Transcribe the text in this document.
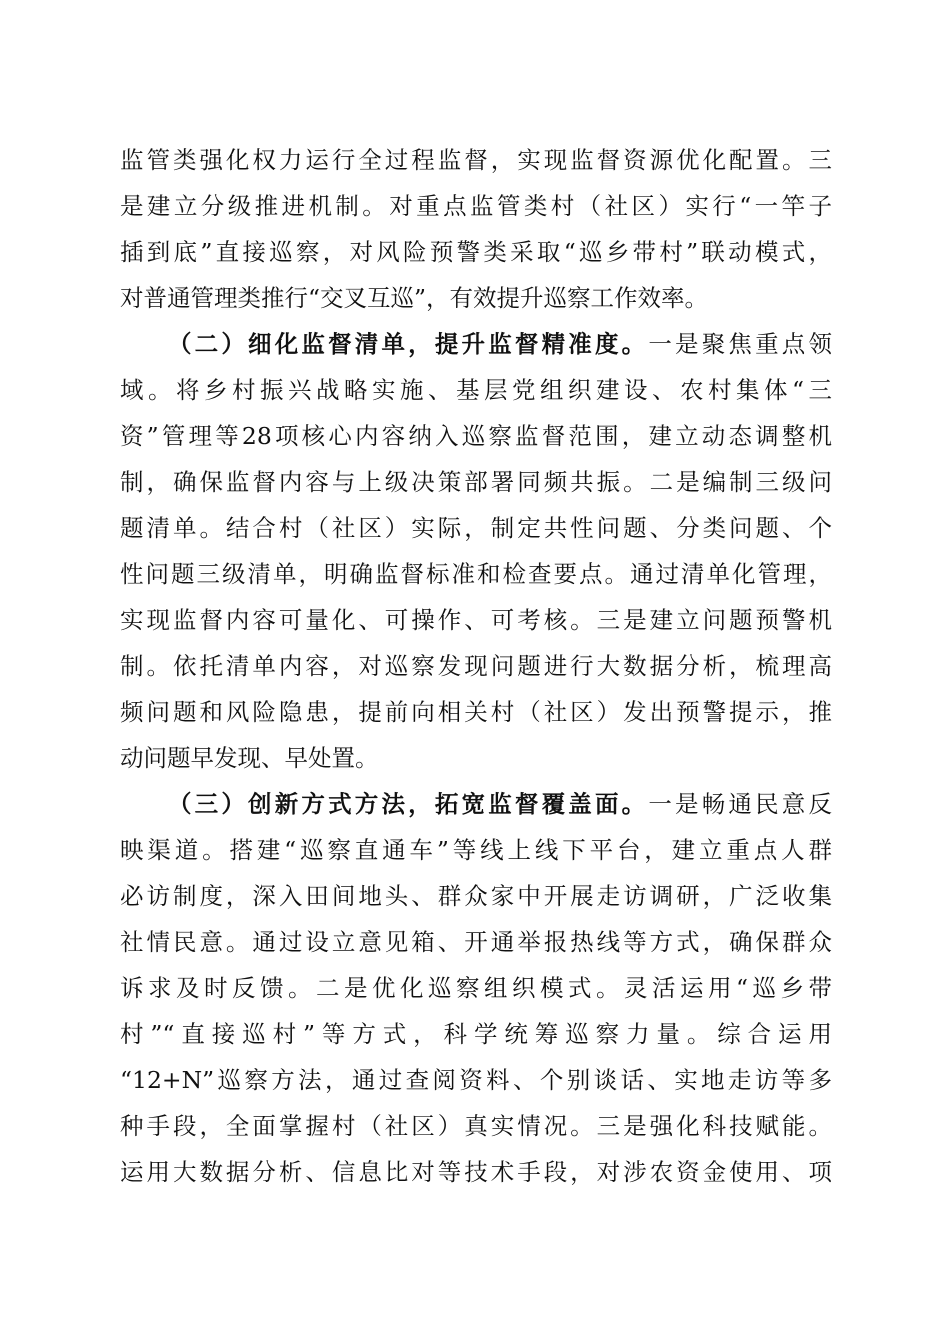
监管类强化权力运行全过程监督，实现监督资源优化配置。三
是建立分级推进机制。对重点监管类村（社区）实行“一竿子
插到底”直接巡察，对风险预警类采取“巡乡带村”联动模式，
对普通管理类推行“交叉互巡”，有效提升巡察工作效率。
（二）细化监督清单，提升监督精准度。一是聚焦重点领
域。将乡村振兴战略实施、基层党组织建设、农村集体“三
资”管理等28项核心内容纳入巡察监督范围，建立动态调整机
制，确保监督内容与上级决策部署同频共振。二是编制三级问
题清单。结合村（社区）实际，制定共性问题、分类问题、个
性问题三级清单，明确监督标准和检查要点。通过清单化管理，
实现监督内容可量化、可操作、可考核。三是建立问题预警机
制。依托清单内容，对巡察发现问题进行大数据分析，梳理高
频问题和风险隐患，提前向相关村（社区）发出预警提示，推
动问题早发现、早处置。
（三）创新方式方法，拓宽监督覆盖面。一是畅通民意反
映渠道。搭建“巡察直通车”等线上线下平台，建立重点人群
必访制度，深入田间地头、群众家中开展走访调研，广泛收集
社情民意。通过设立意见箱、开通举报热线等方式，确保群众
诉求及时反馈。二是优化巡察组织模式。灵活运用“巡乡带
村”“直接巡村”等方式，科学统筹巡察力量。综合运用
“12+N”巡察方法，通过查阅资料、个别谈话、实地走访等多
种手段，全面掌握村（社区）真实情况。三是强化科技赋能。
运用大数据分析、信息比对等技术手段，对涉农资金使用、项
